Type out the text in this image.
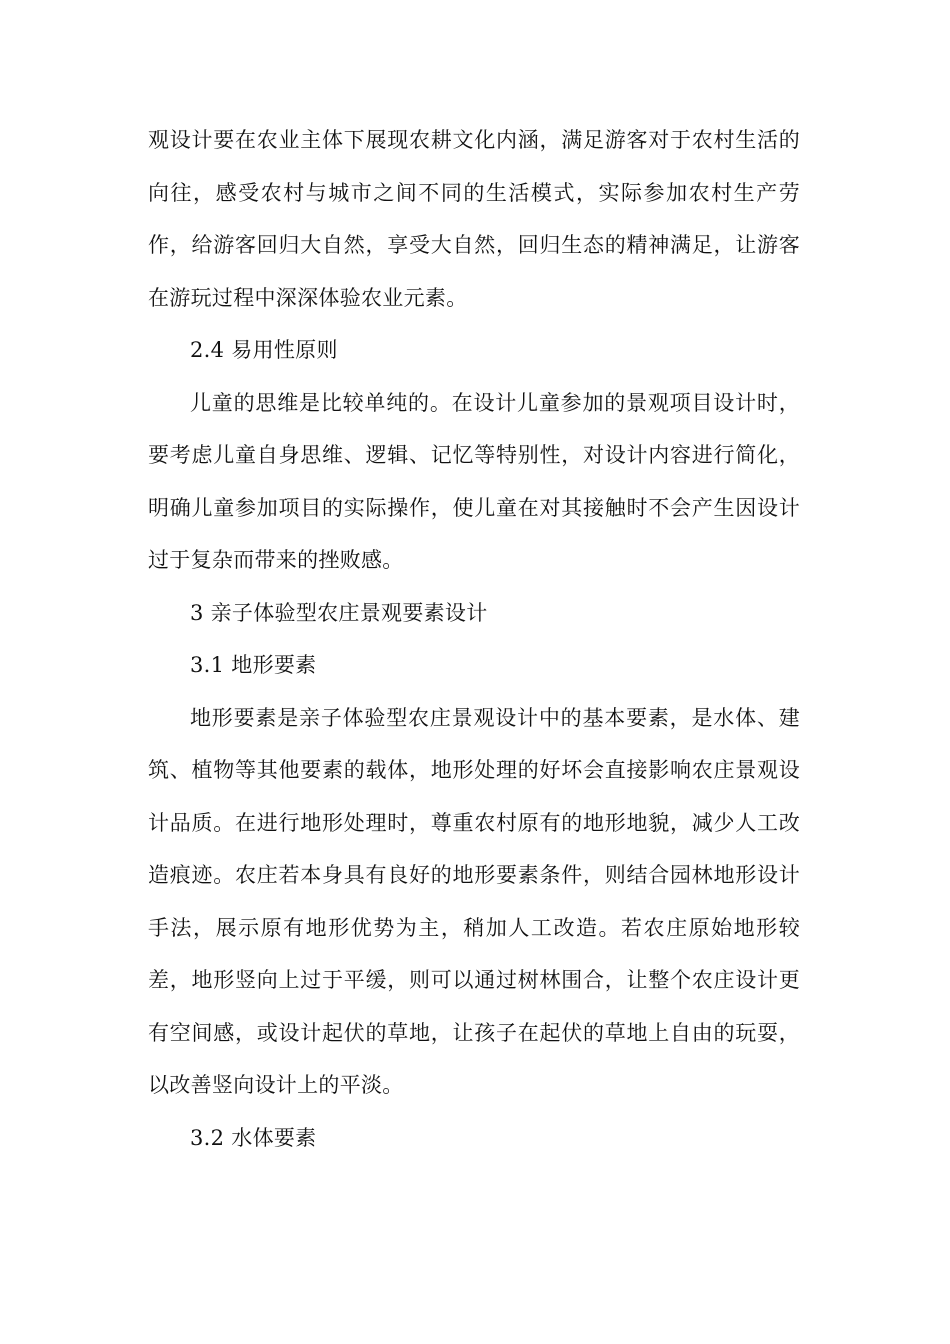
观设计要在农业主体下展现农耕文化内涵，满足游客对于农村生活的向往，感受农村与城市之间不同的生活模式，实际参加农村生产劳作，给游客回归大自然，享受大自然，回归生态的精神满足，让游客在游玩过程中深深体验农业元素。

2.4 易用性原则

儿童的思维是比较单纯的。在设计儿童参加的景观项目设计时，要考虑儿童自身思维、逻辑、记忆等特别性，对设计内容进行简化，明确儿童参加项目的实际操作，使儿童在对其接触时不会产生因设计过于复杂而带来的挫败感。

3 亲子体验型农庄景观要素设计

3.1 地形要素

地形要素是亲子体验型农庄景观设计中的基本要素，是水体、建筑、植物等其他要素的载体，地形处理的好坏会直接影响农庄景观设计品质。在进行地形处理时，尊重农村原有的地形地貌，减少人工改造痕迹。农庄若本身具有良好的地形要素条件，则结合园林地形设计手法，展示原有地形优势为主，稍加人工改造。若农庄原始地形较差，地形竖向上过于平缓，则可以通过树林围合，让整个农庄设计更有空间感，或设计起伏的草地，让孩子在起伏的草地上自由的玩耍，以改善竖向设计上的平淡。

3.2 水体要素
